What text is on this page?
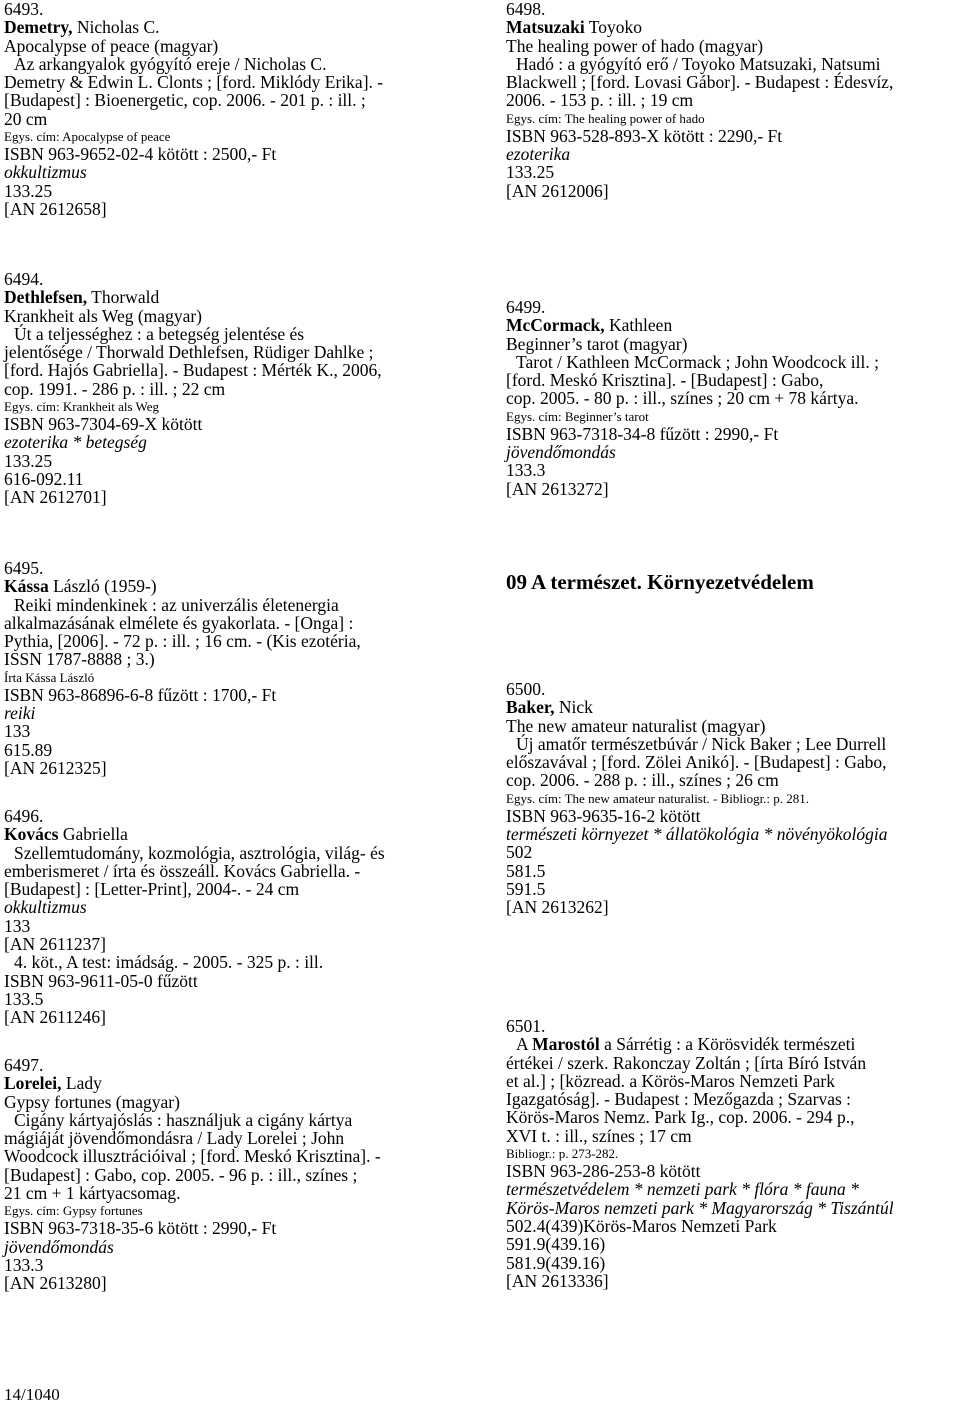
6493.
Demetry, Nicholas C.
Apocalypse of peace (magyar)
Az arkangyalok gyógyító ereje / Nicholas C.
Demetry & Edwin L. Clonts ; [ford. Miklódy Erika]. -
[Budapest] : Bioenergetic, cop. 2006. - 201 p. : ill. ;
20 cm
Egys. cím: Apocalypse of peace
ISBN 963-9652-02-4 kötött : 2500,- Ft
okkultizmus
133.25
[AN 2612658]
6494.
Dethlefsen, Thorwald
Krankheit als Weg (magyar)
Út a teljességhez : a betegség jelentése és
jelentősége / Thorwald Dethlefsen, Rüdiger Dahlke ;
[ford. Hajós Gabriella]. - Budapest : Mérték K., 2006,
cop. 1991. - 286 p. : ill. ; 22 cm
Egys. cím: Krankheit als Weg
ISBN 963-7304-69-X kötött
ezoterika * betegség
133.25
616-092.11
[AN 2612701]
6495.
Kássa László (1959-)
Reiki mindenkinek : az univerzális életenergia
alkalmazásának elmélete és gyakorlata. - [Onga] :
Pythia, [2006]. - 72 p. : ill. ; 16 cm. - (Kis ezotéria,
ISSN 1787-8888 ; 3.)
Írta Kássa László
ISBN 963-86896-6-8 fűzött : 1700,- Ft
reiki
133
615.89
[AN 2612325]
6496.
Kovács Gabriella
Szellemtudomány, kozmológia, asztrológia, világ- és
emberismeret / írta és összeáll. Kovács Gabriella. -
[Budapest] : [Letter-Print], 2004-. - 24 cm
okkultizmus
133
[AN 2611237]
4. köt., A test: imádság. - 2005. - 325 p. : ill.
ISBN 963-9611-05-0 fűzött
133.5
[AN 2611246]
6497.
Lorelei, Lady
Gypsy fortunes (magyar)
Cigány kártyajóslás : használjuk a cigány kártya
mágiáját jövendőmondásra / Lady Lorelei ; John
Woodcock illusztrációival ; [ford. Meskó Krisztina]. -
[Budapest] : Gabo, cop. 2005. - 96 p. : ill., színes ;
21 cm + 1 kártyacsomag.
Egys. cím: Gypsy fortunes
ISBN 963-7318-35-6 kötött : 2990,- Ft
jövendőmondás
133.3
[AN 2613280]
6498.
Matsuzaki Toyoko
The healing power of hado (magyar)
Hadó : a gyógyító erő / Toyoko Matsuzaki, Natsumi
Blackwell ; [ford. Lovasi Gábor]. - Budapest : Édesvíz,
2006. - 153 p. : ill. ; 19 cm
Egys. cím: The healing power of hado
ISBN 963-528-893-X kötött : 2290,- Ft
ezoterika
133.25
[AN 2612006]
6499.
McCormack, Kathleen
Beginner’s tarot (magyar)
Tarot / Kathleen McCormack ; John Woodcock ill. ;
[ford. Meskó Krisztina]. - [Budapest] : Gabo,
cop. 2005. - 80 p. : ill., színes ; 20 cm + 78 kártya.
Egys. cím: Beginner’s tarot
ISBN 963-7318-34-8 fűzött : 2990,- Ft
jövendőmondás
133.3
[AN 2613272]
09 A természet. Környezetvédelem
6500.
Baker, Nick
The new amateur naturalist (magyar)
Új amatőr természetbúvár / Nick Baker ; Lee Durrell
előszavával ; [ford. Zölei Anikó]. - [Budapest] : Gabo,
cop. 2006. - 288 p. : ill., színes ; 26 cm
Egys. cím: The new amateur naturalist. - Bibliogr.: p. 281.
ISBN 963-9635-16-2 kötött
természeti környezet * állatökológia * növényökológia
502
581.5
591.5
[AN 2613262]
6501.
A Marostól a Sárrétig : a Körösvidék természeti
értékei / szerk. Rakonczay Zoltán ; [írta Bíró István
et al.] ; [közread. a Körös-Maros Nemzeti Park
Igazgatóság]. - Budapest : Mezőgazda ; Szarvas :
Körös-Maros Nemz. Park Ig., cop. 2006. - 294 p.,
XVI t. : ill., színes ; 17 cm
Bibliogr.: p. 273-282.
ISBN 963-286-253-8 kötött
természetvédelem * nemzeti park * flóra * fauna *
Körös-Maros nemzeti park * Magyarország * Tiszántúl
502.4(439)Körös-Maros Nemzeti Park
591.9(439.16)
581.9(439.16)
[AN 2613336]
14/1040
